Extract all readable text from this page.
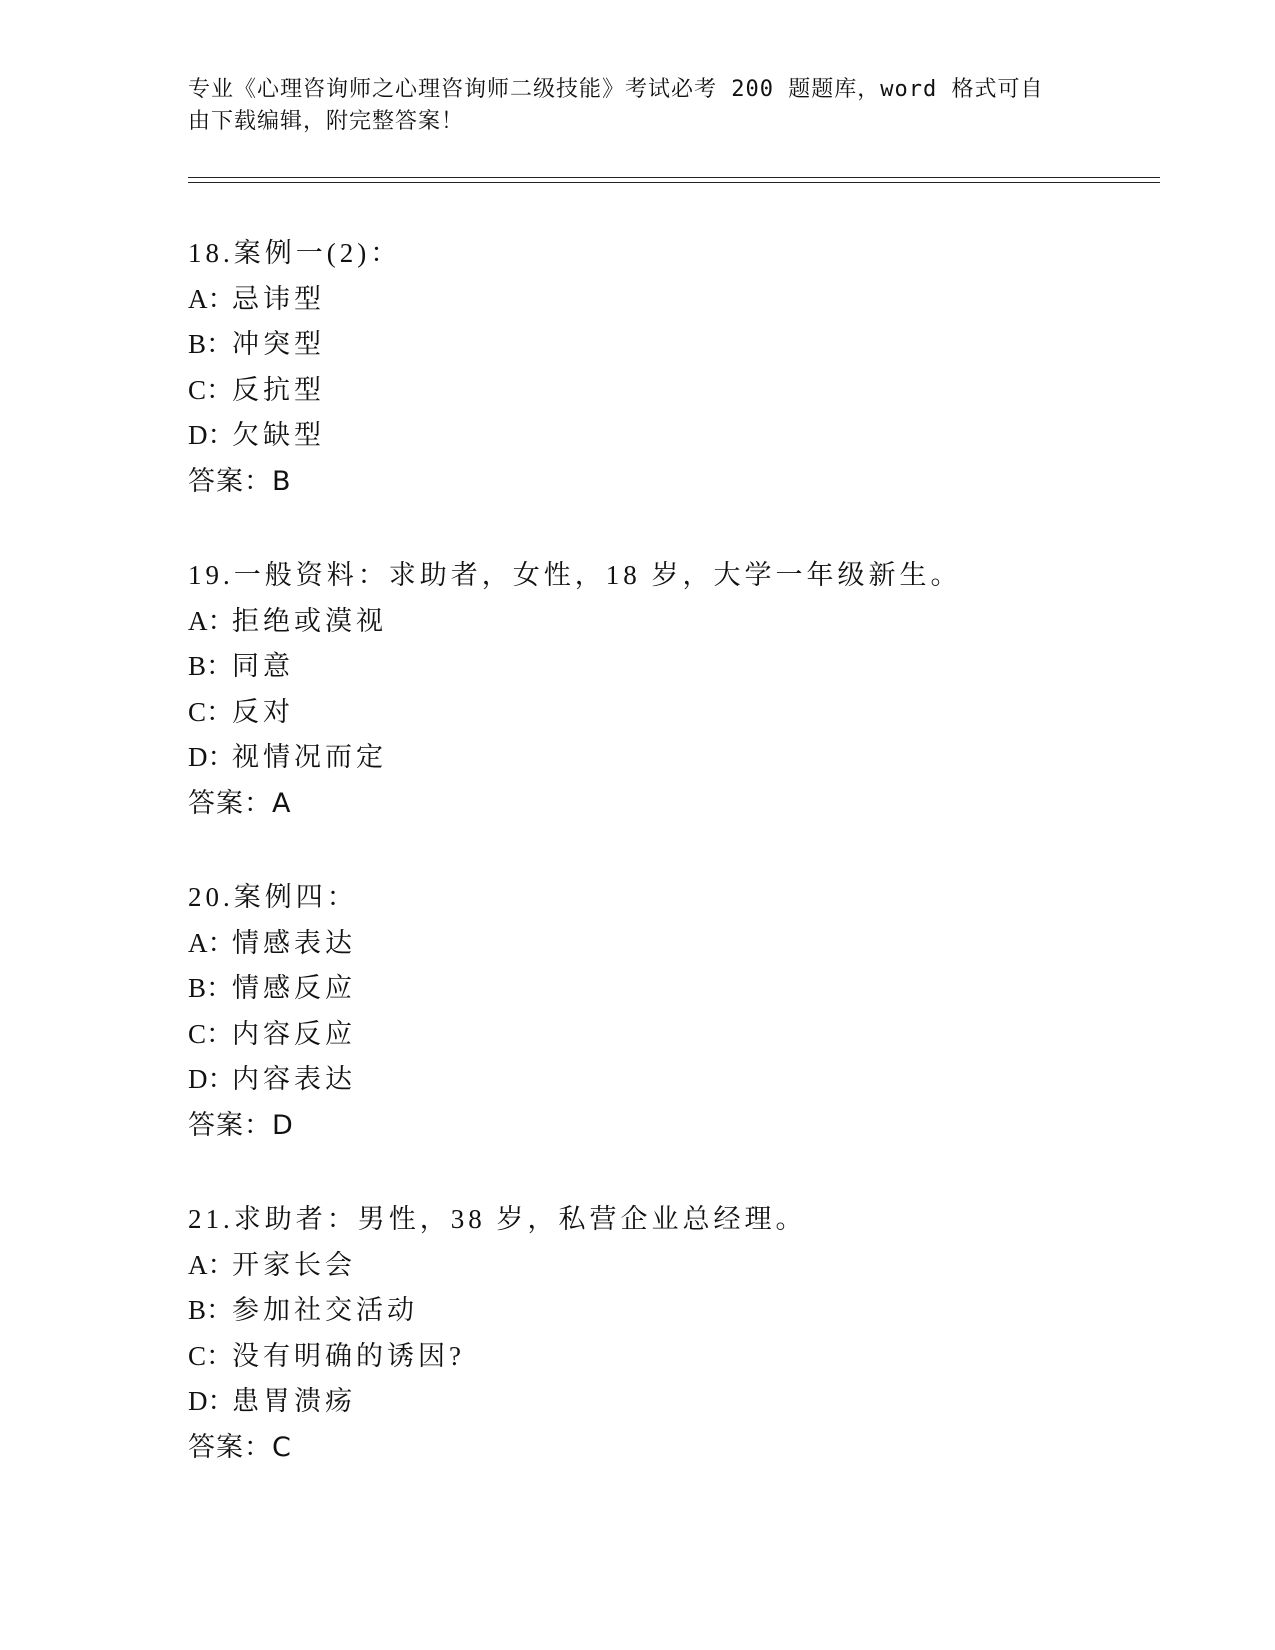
专业《心理咨询师之心理咨询师二级技能》考试必考 200 题题库，word 格式可自
由下载编辑，附完整答案！
18.案例一(2)：
A：忌讳型
B：冲突型
C：反抗型
D：欠缺型
答案：B
19.一般资料：求助者，女性，18 岁，大学一年级新生。
A：拒绝或漠视
B：同意
C：反对
D：视情况而定
答案：A
20.案例四：
A：情感表达
B：情感反应
C：内容反应
D：内容表达
答案：D
21.求助者：男性，38 岁，私营企业总经理。
A：开家长会
B：参加社交活动
C：没有明确的诱因?
D：患胃溃疡
答案：C
